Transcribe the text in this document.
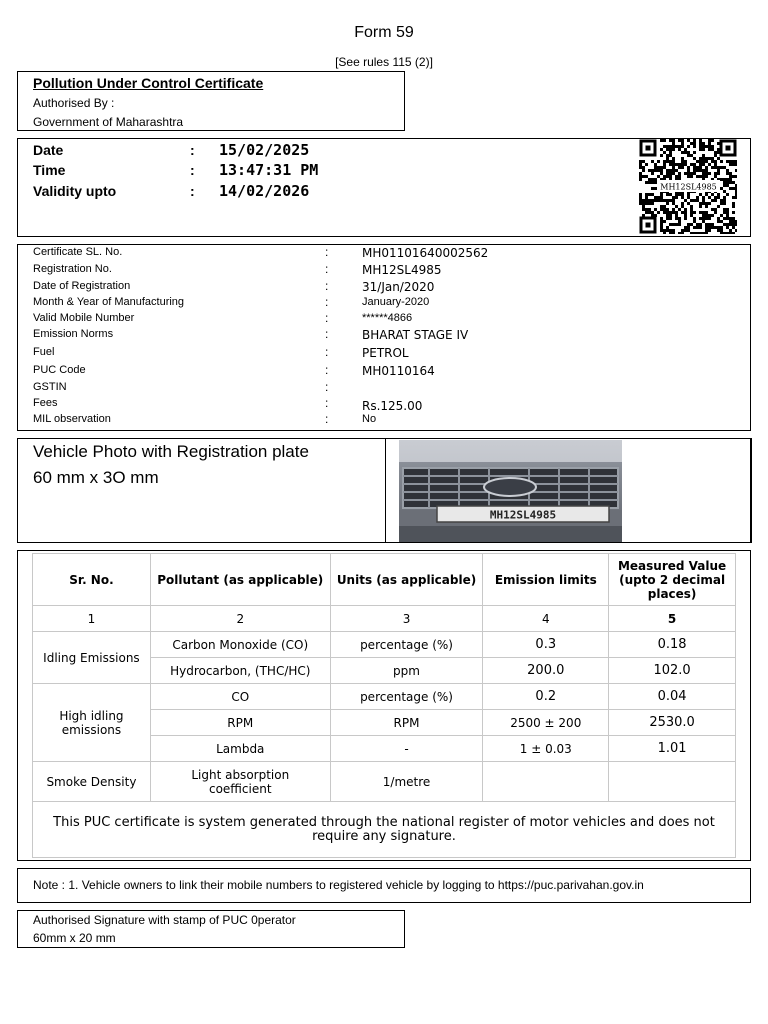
Form 59
[See rules 115 (2)]
Pollution Under Control Certificate
Authorised By :
Government of Maharashtra
Date	: 15/02/2025
Time	: 13:47:31 PM
Validity upto	: 14/02/2026	MH12SL4985
Certificate SL. No.	:	MH01101640002562
Registration No.	:	MH12SL4985
Date of Registration	:	31/Jan/2020
Month & Year of Manufacturing	:	January-2020
Valid Mobile Number	:	******4866
Emission Norms	:	BHARAT STAGE IV
Fuel	:	PETROL
PUC Code	:	MH0110164
GSTIN	:
Fees	:	Rs.125.00
MIL observation	:	No
Vehicle Photo with Registration plate
60 mm x 3O mm
MH12SL4985
Sr. No.	Pollutant (as applicable)	Units (as applicable)	Emission limits	Measured Value (upto 2 decimal places)
1	2	3	4	5
Idling Emissions	Carbon Monoxide (CO)	percentage (%)	0.3	0.18
	Hydrocarbon, (THC/HC)	ppm	200.0	102.0
High idling emissions	CO	percentage (%)	0.2	0.04
	RPM	RPM	2500 ± 200	2530.0
	Lambda	-	1 ± 0.03	1.01
Smoke Density	Light absorption coefficient	1/metre		
This PUC certificate is system generated through the national register of motor vehicles and does not require any signature.				
Note : 1. Vehicle owners to link their mobile numbers to registered vehicle by logging to https://puc.parivahan.gov.in
Authorised Signature with stamp of PUC 0perator
60mm x 20 mm
